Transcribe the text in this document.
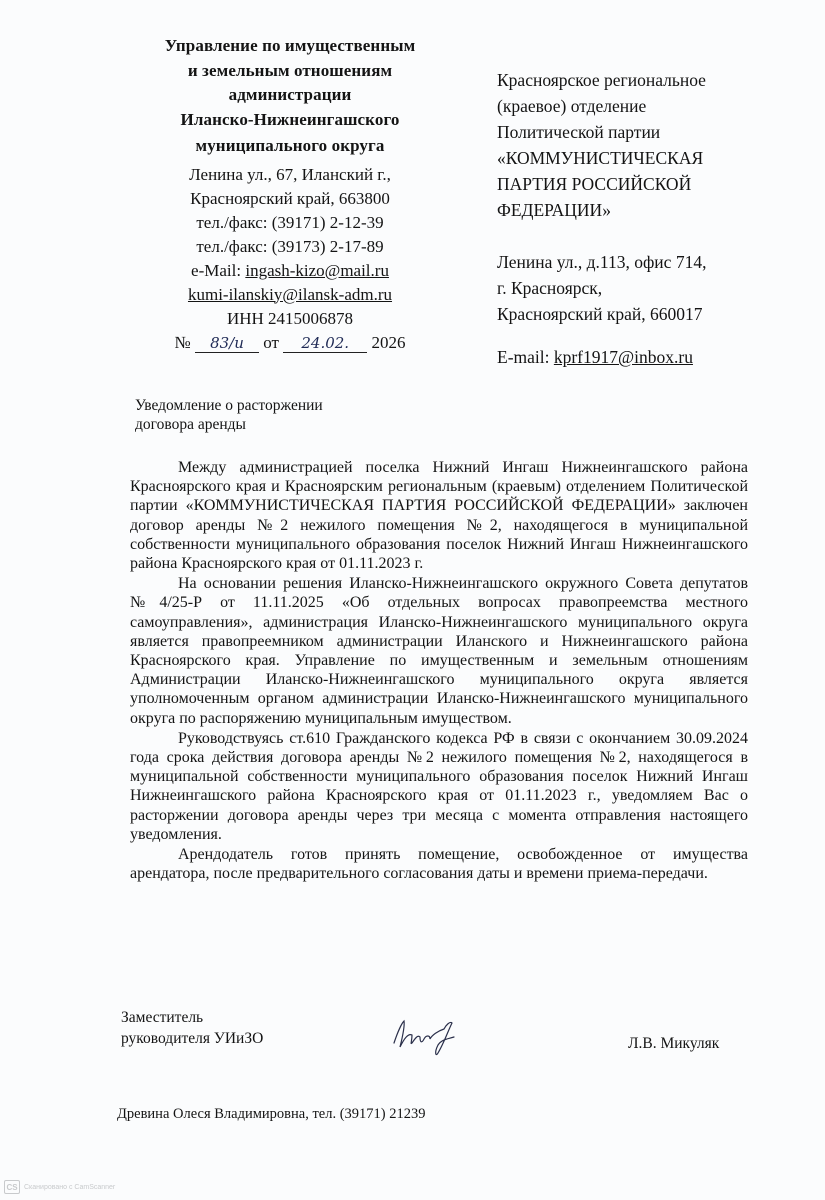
Управление по имущественным
и земельным отношениям
администрации
Иланско-Нижнеингашского
муниципального округа
Ленина ул., 67, Иланский г.,
Красноярский край, 663800
тел./факс: (39171) 2-12-39
тел./факс: (39173) 2-17-89
e-Mail: ingash-kizo@mail.ru
kumi-ilanskiy@ilansk-adm.ru
ИНН 2415006878
№ 83/и от 24.02. 2026
Красноярское региональное
(краевое) отделение
Политической партии
«КОММУНИСТИЧЕСКАЯ
ПАРТИЯ РОССИЙСКОЙ
ФЕДЕРАЦИИ»
Ленина ул., д.113, офис 714,
г. Красноярск,
Красноярский край, 660017
E-mail: kprf1917@inbox.ru
Уведомление о расторжении
договора аренды

Между администрацией поселка Нижний Ингаш Нижнеингашского района Красноярского края и Красноярским региональным (краевым) отделением Политической партии «КОММУНИСТИЧЕСКАЯ ПАРТИЯ РОССИЙСКОЙ ФЕДЕРАЦИИ» заключен договор аренды №2 нежилого помещения №2, находящегося в муниципальной собственности муниципального образования поселок Нижний Ингаш Нижнеингашского района Красноярского края от 01.11.2023 г.

На основании решения Иланско-Нижнеингашского окружного Совета депутатов №4/25-Р от 11.11.2025 «Об отдельных вопросах правопреемства местного самоуправления», администрация Иланско-Нижнеингашского муниципального округа является правопреемником администрации Иланского и Нижнеингашского района Красноярского края. Управление по имущественным и земельным отношениям Администрации Иланско-Нижнеингашского муниципального округа является уполномоченным органом администрации Иланско-Нижнеингашского муниципального округа по распоряжению муниципальным имуществом.

Руководствуясь ст.610 Гражданского кодекса РФ в связи с окончанием 30.09.2024 года срока действия договора аренды №2 нежилого помещения №2, находящегося в муниципальной собственности муниципального образования поселок Нижний Ингаш Нижнеингашского района Красноярского края от 01.11.2023 г., уведомляем Вас о расторжении договора аренды через три месяца с момента отправления настоящего уведомления.

Арендодатель готов принять помещение, освобожденное от имущества арендатора, после предварительного согласования даты и времени приема-передачи.

Заместитель
руководителя УИиЗО	Л.В. Микуляк
Древина Олеся Владимировна, тел. (39171) 21239
CS Сканировано с CamScanner
